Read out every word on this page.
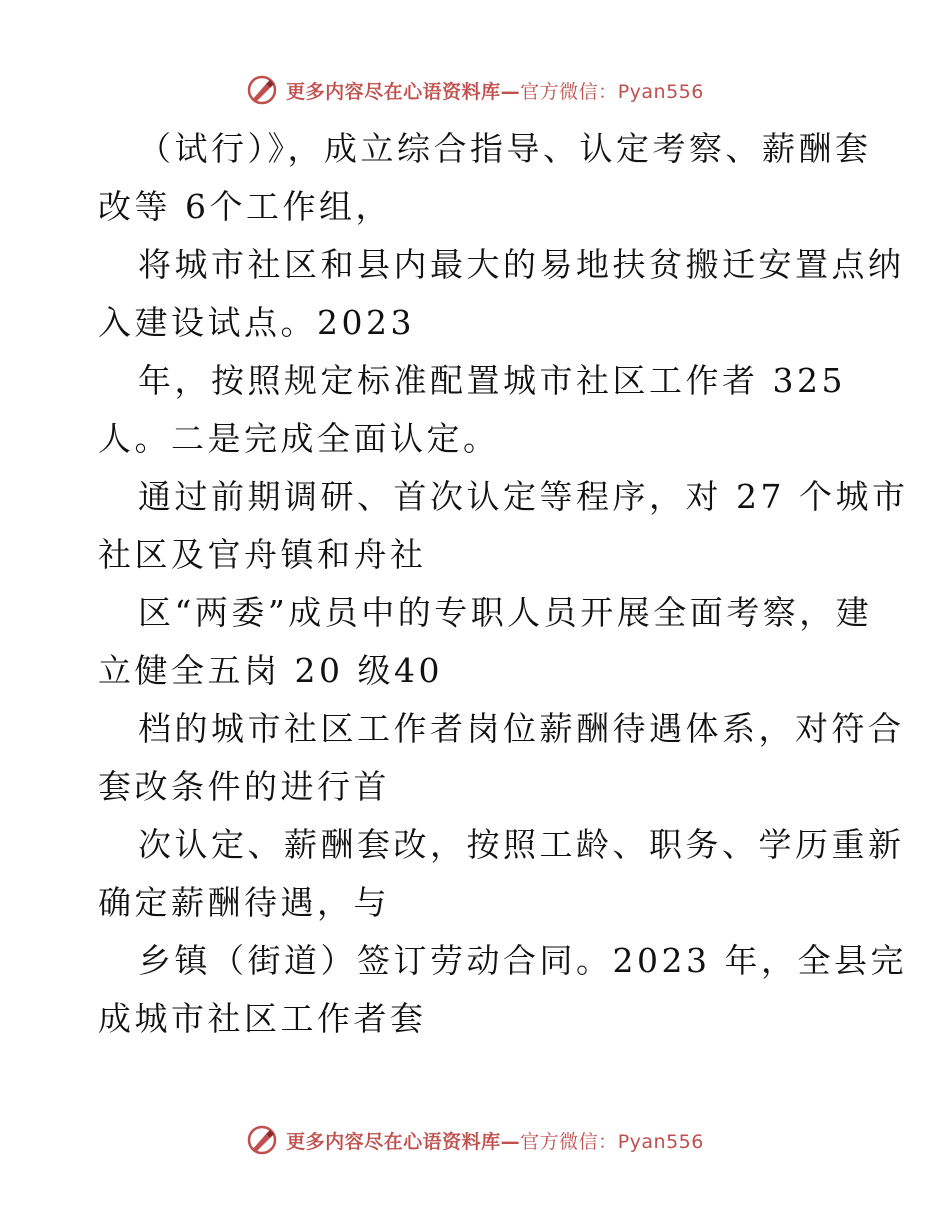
更多内容尽在心语资料库—官方微信：Pyan556
（试行）》，成立综合指导、认定考察、薪酬套
改等 6个工作组，
将城市社区和县内最大的易地扶贫搬迁安置点纳
入建设试点。2023
年，按照规定标准配置城市社区工作者 325
人。二是完成全面认定。
通过前期调研、首次认定等程序，对 27 个城市
社区及官舟镇和舟社
区“两委”成员中的专职人员开展全面考察，建
立健全五岗 20 级40
档的城市社区工作者岗位薪酬待遇体系，对符合
套改条件的进行首
次认定、薪酬套改，按照工龄、职务、学历重新
确定薪酬待遇，与
乡镇（街道）签订劳动合同。2023 年，全县完
成城市社区工作者套
更多内容尽在心语资料库—官方微信：Pyan556
